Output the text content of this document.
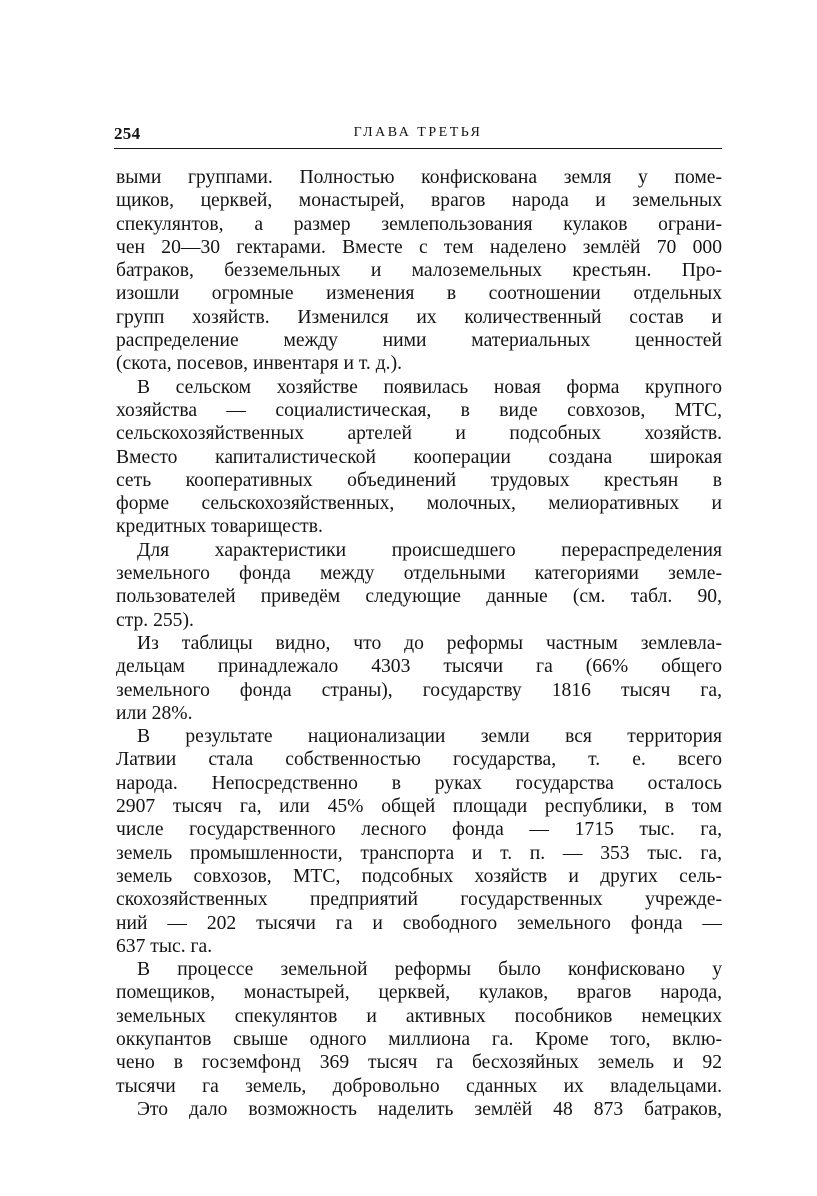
254	ГЛАВА ТРЕТЬЯ
выми группами. Полностью конфискована земля у поме-
щиков, церквей, монастырей, врагов народа и земельных
спекулянтов, а размер землепользования кулаков ограни-
чен 20—30 гектарами. Вместе с тем наделено землёй 70 000
батраков, безземельных и малоземельных крестьян. Про-
изошли огромные изменения в соотношении отдельных
групп хозяйств. Изменился их количественный состав и
распределение между ними материальных ценностей
(скота, посевов, инвентаря и т. д.).
В сельском хозяйстве появилась новая форма крупного
хозяйства — социалистическая, в виде совхозов, МТС,
сельскохозяйственных артелей и подсобных хозяйств.
Вместо капиталистической кооперации создана широкая
сеть кооперативных объединений трудовых крестьян в
форме сельскохозяйственных, молочных, мелиоративных и
кредитных товариществ.
Для характеристики происшедшего перераспределения
земельного фонда между отдельными категориями земле-
пользователей приведём следующие данные (см. табл. 90,
стр. 255).
Из таблицы видно, что до реформы частным землевла-
дельцам принадлежало 4303 тысячи га (66% общего
земельного фонда страны), государству 1816 тысяч га,
или 28%.
В результате национализации земли вся территория
Латвии стала собственностью государства, т. е. всего
народа. Непосредственно в руках государства осталось
2907 тысяч га, или 45% общей площади республики, в том
числе государственного лесного фонда — 1715 тыс. га,
земель промышленности, транспорта и т. п. — 353 тыс. га,
земель совхозов, МТС, подсобных хозяйств и других сель-
скохозяйственных предприятий государственных учрежде-
ний — 202 тысячи га и свободного земельного фонда —
637 тыс. га.
В процессе земельной реформы было конфисковано у
помещиков, монастырей, церквей, кулаков, врагов народа,
земельных спекулянтов и активных пособников немецких
оккупантов свыше одного миллиона га. Кроме того, вклю-
чено в госземфонд 369 тысяч га бесхозяйных земель и 92
тысячи га земель, добровольно сданных их владельцами.
Это дало возможность наделить землёй 48 873 батраков,
